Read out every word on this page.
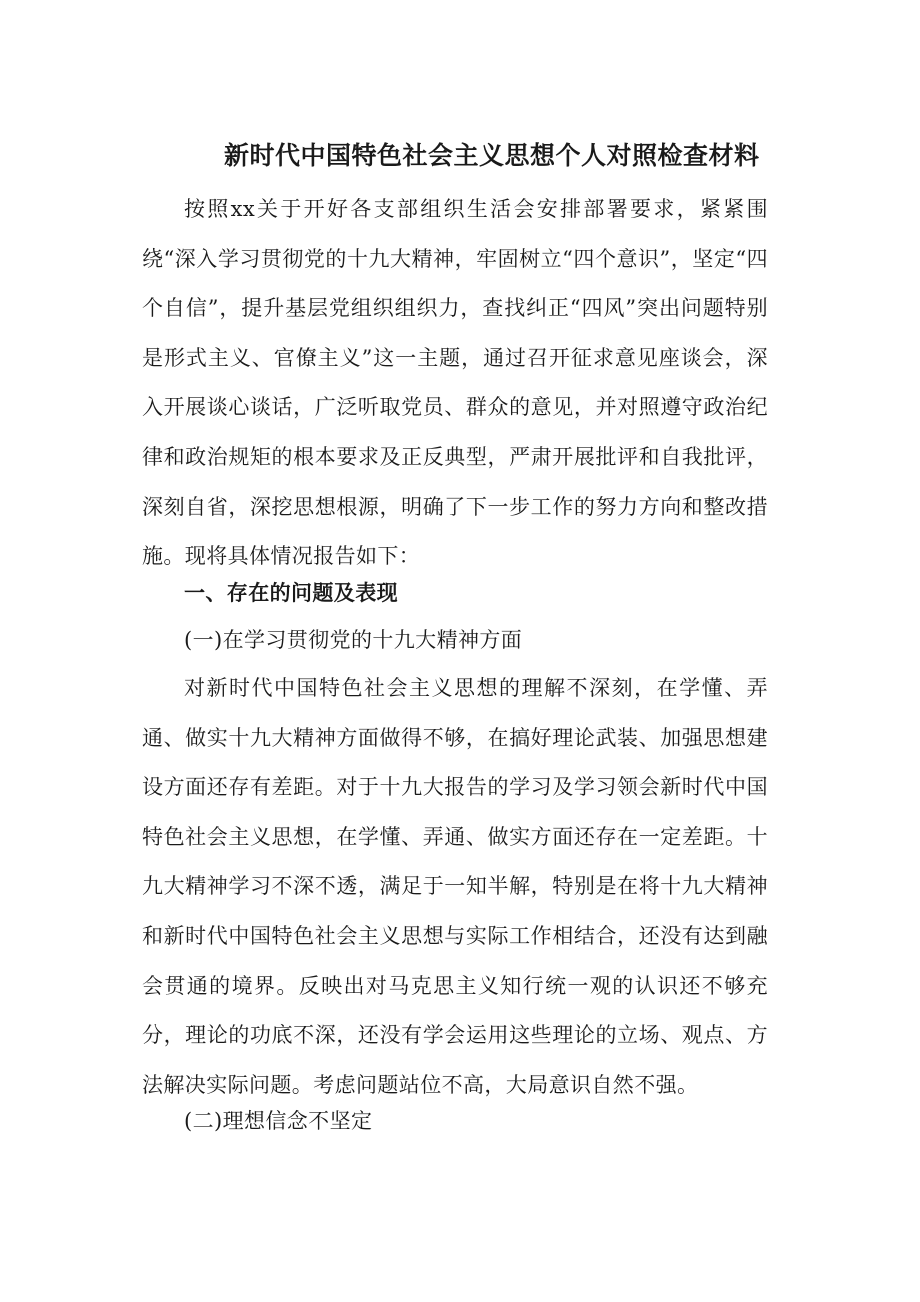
新时代中国特色社会主义思想个人对照检查材料

按照xx关于开好各支部组织生活会安排部署要求，紧紧围绕“深入学习贯彻党的十九大精神，牢固树立“四个意识”，坚定“四个自信”，提升基层党组织组织力，查找纠正“四风”突出问题特别是形式主义、官僚主义”这一主题，通过召开征求意见座谈会，深入开展谈心谈话，广泛听取党员、群众的意见，并对照遵守政治纪律和政治规矩的根本要求及正反典型，严肃开展批评和自我批评，深刻自省，深挖思想根源，明确了下一步工作的努力方向和整改措施。现将具体情况报告如下：

一、存在的问题及表现

(一)在学习贯彻党的十九大精神方面

对新时代中国特色社会主义思想的理解不深刻，在学懂、弄通、做实十九大精神方面做得不够，在搞好理论武装、加强思想建设方面还存有差距。对于十九大报告的学习及学习领会新时代中国特色社会主义思想，在学懂、弄通、做实方面还存在一定差距。十九大精神学习不深不透，满足于一知半解，特别是在将十九大精神和新时代中国特色社会主义思想与实际工作相结合，还没有达到融会贯通的境界。反映出对马克思主义知行统一观的认识还不够充分，理论的功底不深，还没有学会运用这些理论的立场、观点、方法解决实际问题。考虑问题站位不高，大局意识自然不强。

(二)理想信念不坚定
